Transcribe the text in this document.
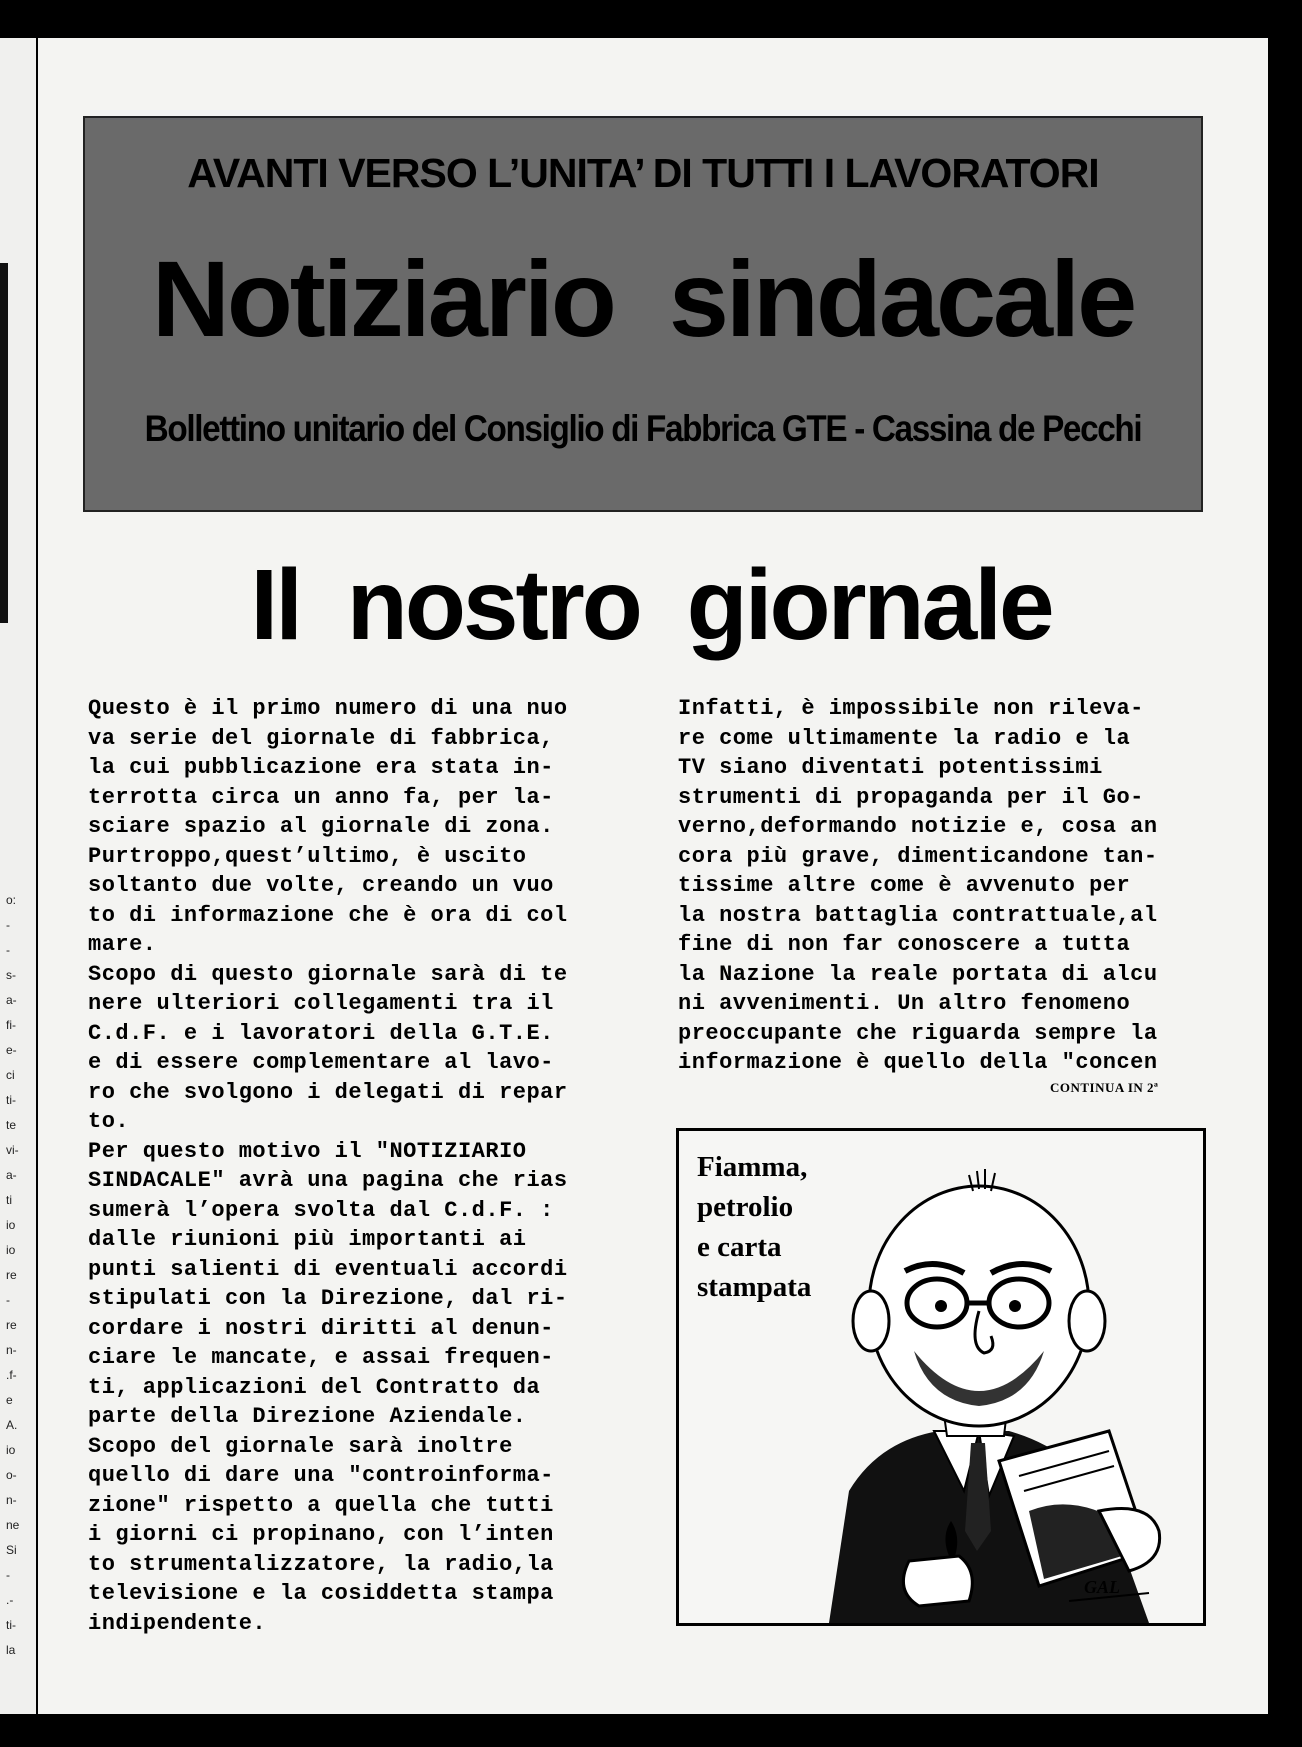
o:
-
-
s-
a-
fi-
e-
ci
ti-
te
vi-
a-
ti
io
io
re
-
re
n-
.f-
e
A.
io
o-
n-
ne
Si
-
.-
ti-
la
AVANTI VERSO L’UNITA’ DI TUTTI I LAVORATORI
Notiziario sindacale
Bollettino unitario del Consiglio di Fabbrica GTE - Cassina de Pecchi
Il nostro giornale
Questo è il primo numero di una nuo
va serie del giornale di fabbrica,
la cui pubblicazione era stata in-
terrotta circa un anno fa, per la-
sciare spazio al giornale di zona.
Purtroppo,quest’ultimo, è uscito
soltanto due volte, creando un vuo
to di informazione che è ora di col
mare.
Scopo di questo giornale sarà di te
nere ulteriori collegamenti tra il
C.d.F. e i lavoratori della G.T.E.
e di essere complementare al lavo-
ro che svolgono i delegati di repar
to.
Per questo motivo il "NOTIZIARIO
SINDACALE" avrà una pagina che rias
sumerà l’opera svolta dal C.d.F. :
dalle riunioni più importanti ai
punti salienti di eventuali accordi
stipulati con la Direzione, dal ri-
cordare i nostri diritti al denun-
ciare le mancate, e assai frequen-
ti, applicazioni del Contratto da
parte della Direzione Aziendale.
Scopo del giornale sarà inoltre
quello di dare una "controinforma-
zione" rispetto a quella che tutti
i giorni ci propinano, con l’inten
to strumentalizzatore, la radio,la
televisione e la cosiddetta stampa
indipendente.
Infatti, è impossibile non rileva-
re come ultimamente la radio e la
TV siano diventati potentissimi
strumenti di propaganda per il Go-
verno,deformando notizie e, cosa an
cora più grave, dimenticandone tan-
tissime altre come è avvenuto per
la nostra battaglia contrattuale,al
fine di non far conoscere a tutta
la Nazione la reale portata di alcu
ni avvenimenti. Un altro fenomeno
preoccupante che riguarda sempre la
informazione è quello della "concen
CONTINUA IN 2ª
GAL
Fiamma,
petrolio
e carta
stampata
